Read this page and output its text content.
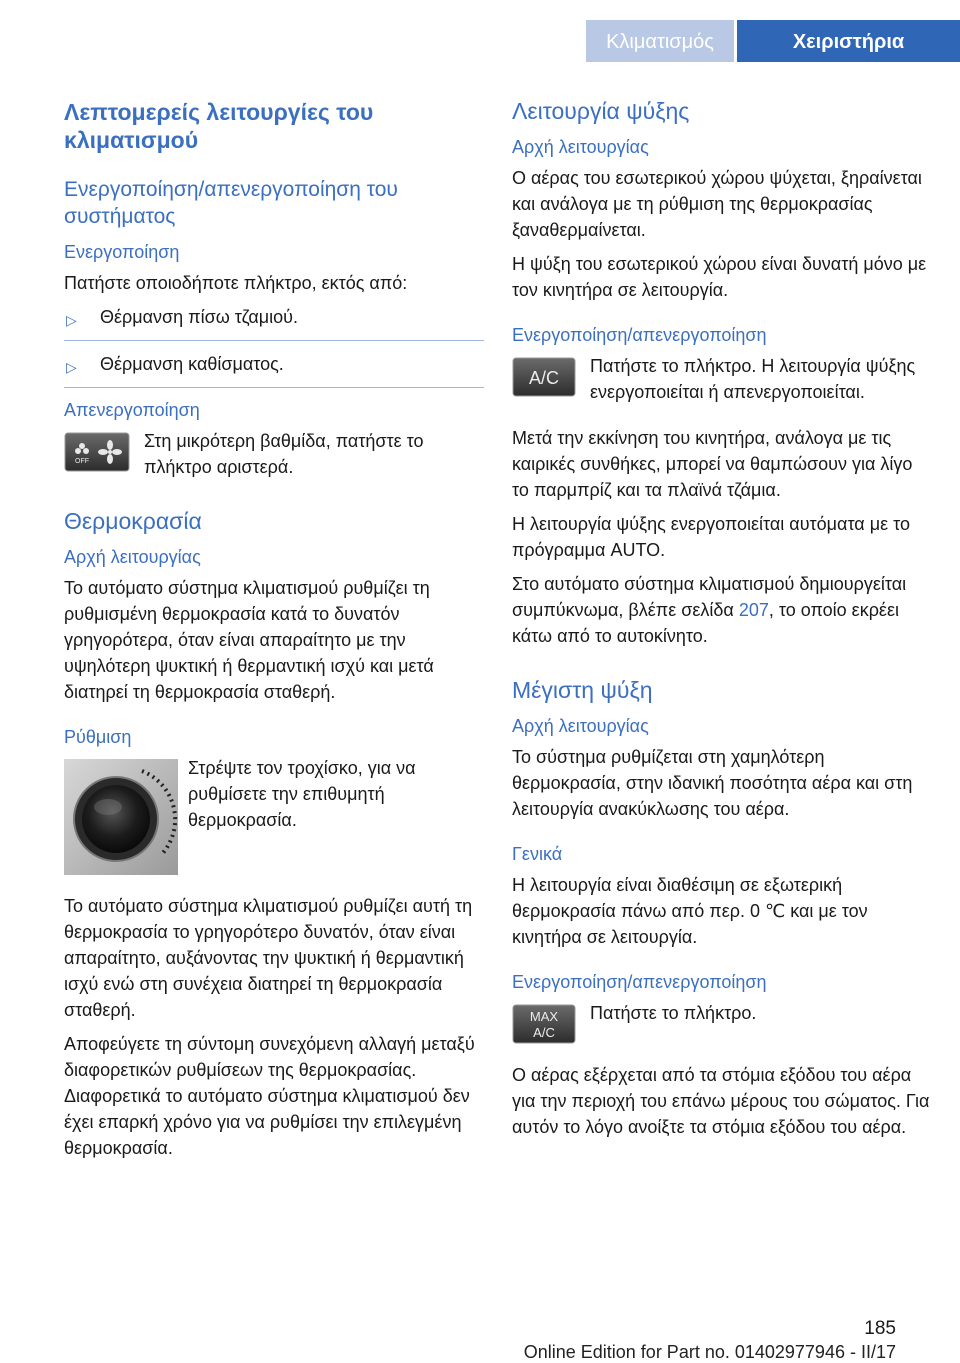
Κλιματισμός	Χειριστήρια
Λεπτομερείς λειτουργίες του κλιματισμού
Ενεργοποίηση/απενεργοποίηση του συστήματος
Ενεργοποίηση
Πατήστε οποιοδήποτε πλήκτρο, εκτός από:
▷ Θέρμανση πίσω τζαμιού.
▷ Θέρμανση καθίσματος.
Απενεργοποίηση
OFF
Στη μικρότερη βαθμίδα, πατήστε το πλήκτρο αριστερά.
Θερμοκρασία
Αρχή λειτουργίας
Το αυτόματο σύστημα κλιματισμού ρυθμίζει τη ρυθμισμένη θερμοκρασία κατά το δυνατόν γρηγορότερα, όταν είναι απαραίτητο με την υψηλότερη ψυκτική ή θερμαντική ισχύ και μετά διατηρεί τη θερμοκρασία σταθερή.
Ρύθμιση
Στρέψτε τον τροχίσκο, για να ρυθμίσετε την επιθυμητή θερμοκρασία.
Το αυτόματο σύστημα κλιματισμού ρυθμίζει αυτή τη θερμοκρασία το γρηγορότερο δυνατόν, όταν είναι απαραίτητο, αυξάνοντας την ψυκτική ή θερμαντική ισχύ ενώ στη συνέχεια διατηρεί τη θερμοκρασία σταθερή.
Αποφεύγετε τη σύντομη συνεχόμενη αλλαγή μεταξύ διαφορετικών ρυθμίσεων της θερμοκρασίας. Διαφορετικά το αυτόματο σύστημα κλιματισμού δεν έχει επαρκή χρόνο για να ρυθμίσει την επιλεγμένη θερμοκρασία.
Λειτουργία ψύξης
Αρχή λειτουργίας
Ο αέρας του εσωτερικού χώρου ψύχεται, ξηραίνεται και ανάλογα με τη ρύθμιση της θερμοκρασίας ξαναθερμαίνεται.
Η ψύξη του εσωτερικού χώρου είναι δυνατή μόνο με τον κινητήρα σε λειτουργία.
Ενεργοποίηση/απενεργοποίηση
A/C
Πατήστε το πλήκτρο. Η λειτουργία ψύξης ενεργοποιείται ή απενεργοποιείται.
Μετά την εκκίνηση του κινητήρα, ανάλογα με τις καιρικές συνθήκες, μπορεί να θαμπώσουν για λίγο το παρμπρίζ και τα πλαϊνά τζάμια.
Η λειτουργία ψύξης ενεργοποιείται αυτόματα με το πρόγραμμα AUTO.
Στο αυτόματο σύστημα κλιματισμού δημιουργείται συμπύκνωμα, βλέπε σελίδα 207, το οποίο εκρέει κάτω από το αυτοκίνητο.
Μέγιστη ψύξη
Αρχή λειτουργίας
Το σύστημα ρυθμίζεται στη χαμηλότερη θερμοκρασία, στην ιδανική ποσότητα αέρα και στη λειτουργία ανακύκλωσης του αέρα.
Γενικά
Η λειτουργία είναι διαθέσιμη σε εξωτερική θερμοκρασία πάνω από περ. 0 ℃ και με τον κινητήρα σε λειτουργία.
Ενεργοποίηση/απενεργοποίηση
MAX
A/C
Πατήστε το πλήκτρο.
Ο αέρας εξέρχεται από τα στόμια εξόδου του αέρα για την περιοχή του επάνω μέρους του σώματος. Για αυτόν το λόγο ανοίξτε τα στόμια εξόδου του αέρα.
185
Online Edition for Part no. 01402977946 - II/17
